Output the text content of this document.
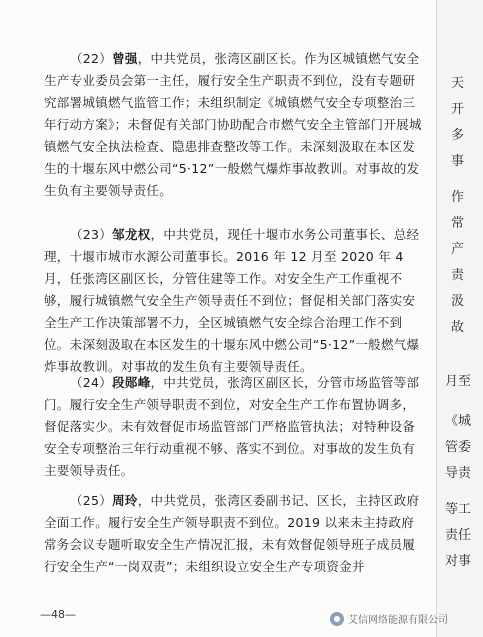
（22）曾强，中共党员，张湾区副区长。作为区城镇燃气安全生产专业委员会第一主任，履行安全生产职责不到位，没有专题研究部署城镇燃气监管工作；未组织制定《城镇燃气安全专项整治三年行动方案》；未督促有关部门协助配合市燃气安全主管部门开展城镇燃气安全执法检查、隐患排查整改等工作。未深刻汲取在本区发生的十堰东风中燃公司“5·12”一般燃气爆炸事故教训。对事故的发生负有主要领导责任。
（23）邹龙权，中共党员，现任十堰市水务公司董事长、总经理，十堰市城市水源公司董事长。2016 年 12 月至 2020 年 4 月，任张湾区副区长，分管住建等工作。对安全生产工作重视不够，履行城镇燃气安全生产领导责任不到位；督促相关部门落实安全生产工作决策部署不力，全区城镇燃气安全综合治理工作不到位。未深刻汲取在本区发生的十堰东风中燃公司“5·12”一般燃气爆炸事故教训。对事故的发生负有主要领导责任。
（24）段郧峰，中共党员，张湾区副区长，分管市场监管等部门。履行安全生产领导职责不到位，对安全生产工作布置协调多，督促落实少。未有效督促市场监管部门严格监管执法；对特种设备安全专项整治三年行动重视不够、落实不到位。对事故的发生负有主要领导责任。
（25）周玲，中共党员，张湾区委副书记、区长，主持区政府全面工作。履行安全生产领导职责不到位。2019 以来未主持政府常务会议专题听取安全生产情况汇报，未有效督促领导班子成员履行安全生产“一岗双责”；未组织设立安全生产专项资金并
—48—
天
开
多
事
作
常
产
责
汲
故
月至
《城
管委
导责
等工
责任
对事
艾信网络能源有限公司
